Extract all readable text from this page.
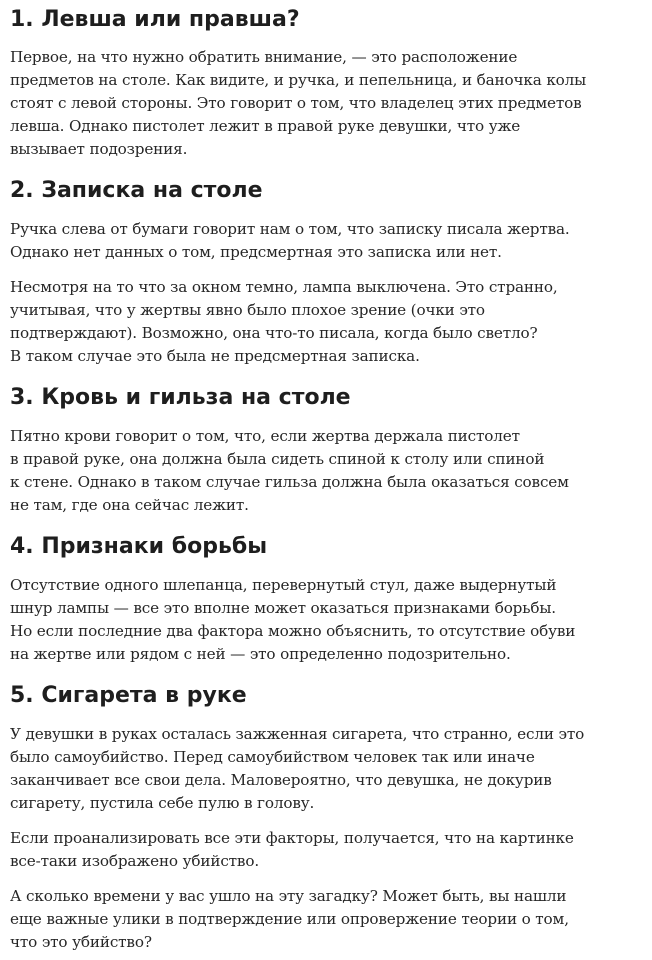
1. Левша или правша?

Первое, на что нужно обратить внимание, — это расположение
предметов на столе. Как видите, и ручка, и пепельница, и баночка колы
стоят с левой стороны. Это говорит о том, что владелец этих предметов
левша. Однако пистолет лежит в правой руке девушки, что уже
вызывает подозрения.

2. Записка на столе

Ручка слева от бумаги говорит нам о том, что записку писала жертва.
Однако нет данных о том, предсмертная это записка или нет.

Несмотря на то что за окном темно, лампа выключена. Это странно,
учитывая, что у жертвы явно было плохое зрение (очки это
подтверждают). Возможно, она что-то писала, когда было светло?
В таком случае это была не предсмертная записка.

3. Кровь и гильза на столе

Пятно крови говорит о том, что, если жертва держала пистолет
в правой руке, она должна была сидеть спиной к столу или спиной
к стене. Однако в таком случае гильза должна была оказаться совсем
не там, где она сейчас лежит.

4. Признаки борьбы

Отсутствие одного шлепанца, перевернутый стул, даже выдернутый
шнур лампы — все это вполне может оказаться признаками борьбы.
Но если последние два фактора можно объяснить, то отсутствие обуви
на жертве или рядом с ней — это определенно подозрительно.

5. Сигарета в руке

У девушки в руках осталась зажженная сигарета, что странно, если это
было самоубийство. Перед самоубийством человек так или иначе
заканчивает все свои дела. Маловероятно, что девушка, не докурив
сигарету, пустила себе пулю в голову.

Если проанализировать все эти факторы, получается, что на картинке
все-таки изображено убийство.

А сколько времени у вас ушло на эту загадку? Может быть, вы нашли
еще важные улики в подтверждение или опровержение теории о том,
что это убийство?
